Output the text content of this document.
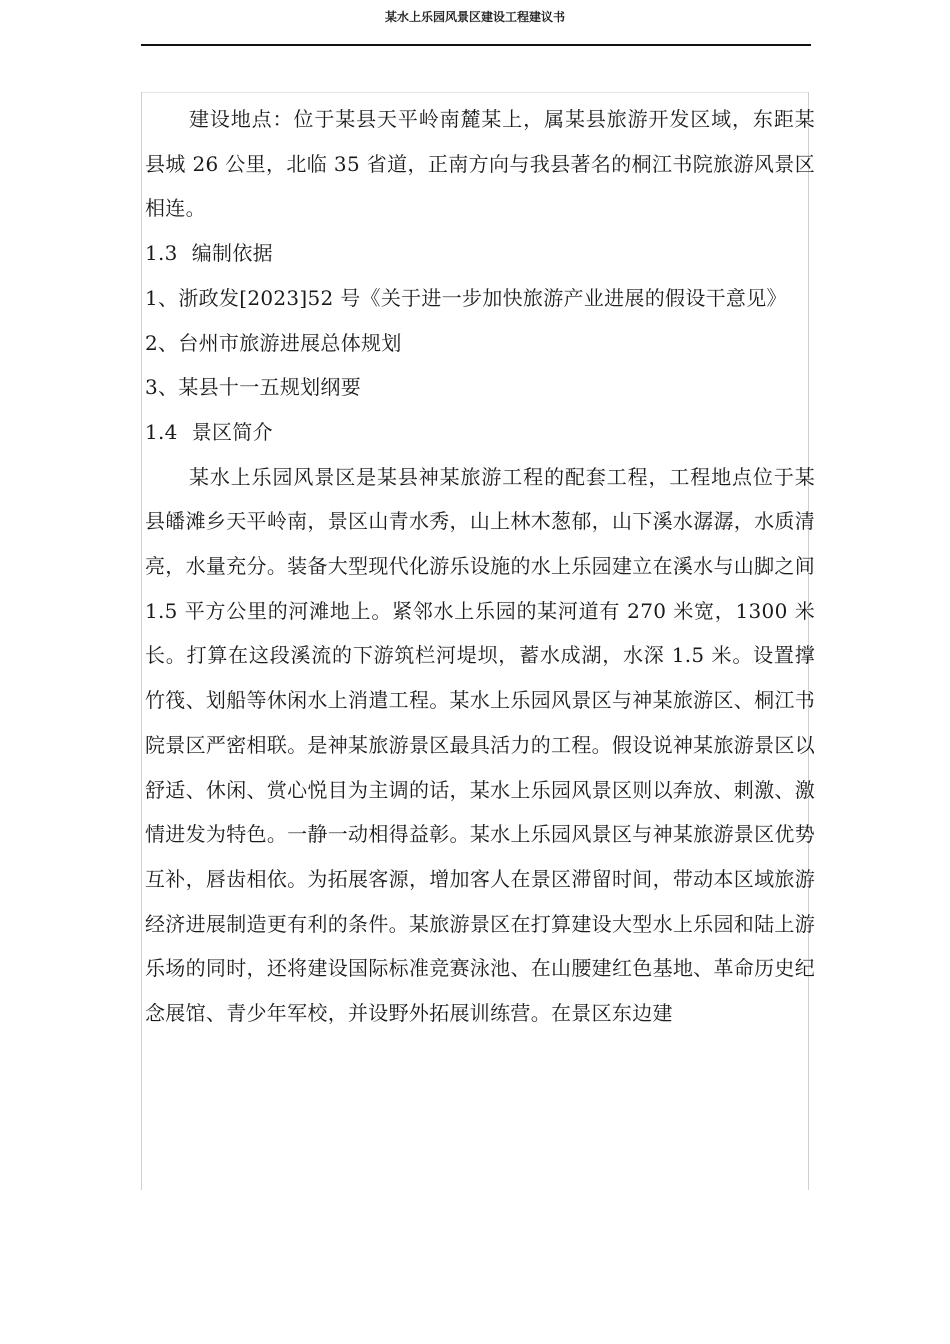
某水上乐园风景区建设工程建议书

建设地点：位于某县天平岭南麓某上，属某县旅游开发区域，东距某县城 26 公里，北临 35 省道，正南方向与我县著名的桐江书院旅游风景区相连。

1.3 编制依据

1、浙政发[2023]52 号《关于进一步加快旅游产业进展的假设干意见》

2、台州市旅游进展总体规划

3、某县十一五规划纲要

1.4 景区简介

某水上乐园风景区是某县神某旅游工程的配套工程，工程地点位于某县皤滩乡天平岭南，景区山青水秀，山上林木葱郁，山下溪水潺潺，水质清亮，水量充分。装备大型现代化游乐设施的水上乐园建立在溪水与山脚之间 1.5 平方公里的河滩地上。紧邻水上乐园的某河道有 270 米宽，1300 米长。打算在这段溪流的下游筑栏河堤坝，蓄水成湖，水深 1.5 米。设置撑竹筏、划船等休闲水上消遣工程。某水上乐园风景区与神某旅游区、桐江书院景区严密相联。是神某旅游景区最具活力的工程。假设说神某旅游景区以舒适、休闲、赏心悦目为主调的话，某水上乐园风景区则以奔放、刺激、激情进发为特色。一静一动相得益彰。某水上乐园风景区与神某旅游景区优势互补，唇齿相依。为拓展客源，增加客人在景区滞留时间，带动本区域旅游经济进展制造更有利的条件。某旅游景区在打算建设大型水上乐园和陆上游乐场的同时，还将建设国际标准竞赛泳池、在山腰建红色基地、革命历史纪念展馆、青少年军校，并设野外拓展训练营。在景区东边建
